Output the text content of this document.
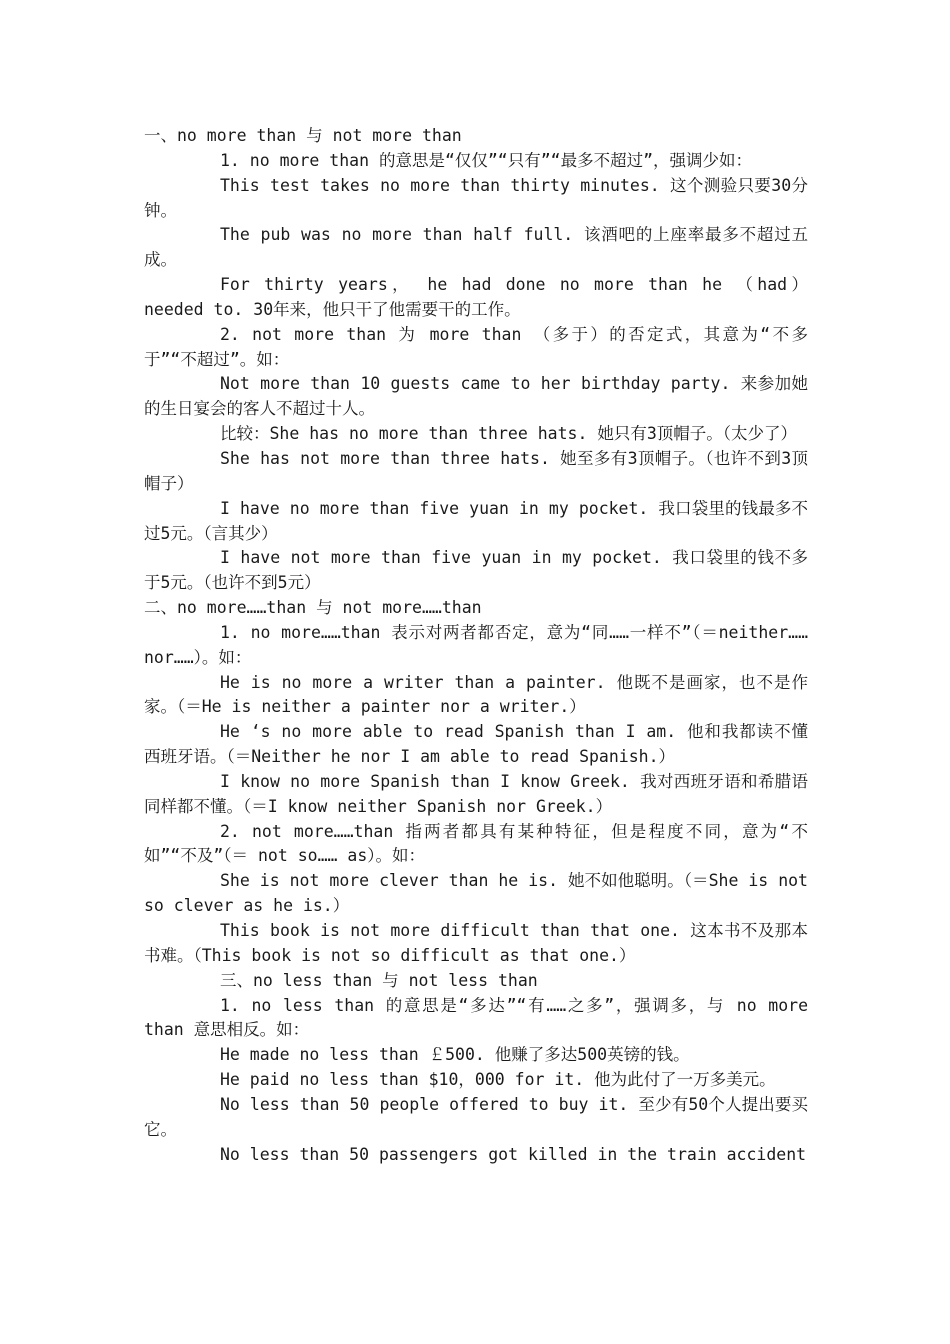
一、no more than 与 not more than

1. no more than 的意思是“仅仅”“只有”“最多不超过”，强调少如：

This test takes no more than thirty minutes. 这个测验只要30分钟。

The pub was no more than half full. 该酒吧的上座率最多不超过五成。

For thirty years， he had done no more than he （had） needed to. 30年来，他只干了他需要干的工作。

2. not more than 为 more than （多于）的否定式，其意为“不多于”“不超过”。如：

Not more than 10 guests came to her birthday party. 来参加她的生日宴会的客人不超过十人。

比较：She has no more than three hats. 她只有3顶帽子。（太少了）

She has not more than three hats. 她至多有3顶帽子。（也许不到3顶帽子）

I have no more than five yuan in my pocket. 我口袋里的钱最多不过5元。（言其少）

I have not more than five yuan in my pocket. 我口袋里的钱不多于5元。（也许不到5元）

二、no more……than 与 not more……than

1. no more……than 表示对两者都否定，意为“同……一样不”（＝neither……nor……）。如：

He is no more a writer than a painter. 他既不是画家，也不是作家。（＝He is neither a painter nor a writer.）

He ‘s no more able to read Spanish than I am. 他和我都读不懂西班牙语。（＝Neither he nor I am able to read Spanish.）

I know no more Spanish than I know Greek. 我对西班牙语和希腊语同样都不懂。（＝I know neither Spanish nor Greek.）

2. not more……than 指两者都具有某种特征，但是程度不同，意为“不如”“不及”（＝ not so…… as）。如：

She is not more clever than he is. 她不如他聪明。（＝She is not so clever as he is.）

This book is not more difficult than that one. 这本书不及那本书难。（This book is not so difficult as that one.）

三、no less than 与 not less than

1. no less than 的意思是“多达”“有……之多”，强调多，与 no more than 意思相反。如：

He made no less than ￡500. 他赚了多达500英镑的钱。

He paid no less than $10，000 for it. 他为此付了一万多美元。

No less than 50 people offered to buy it. 至少有50个人提出要买它。

No less than 50 passengers got killed in the train accident
